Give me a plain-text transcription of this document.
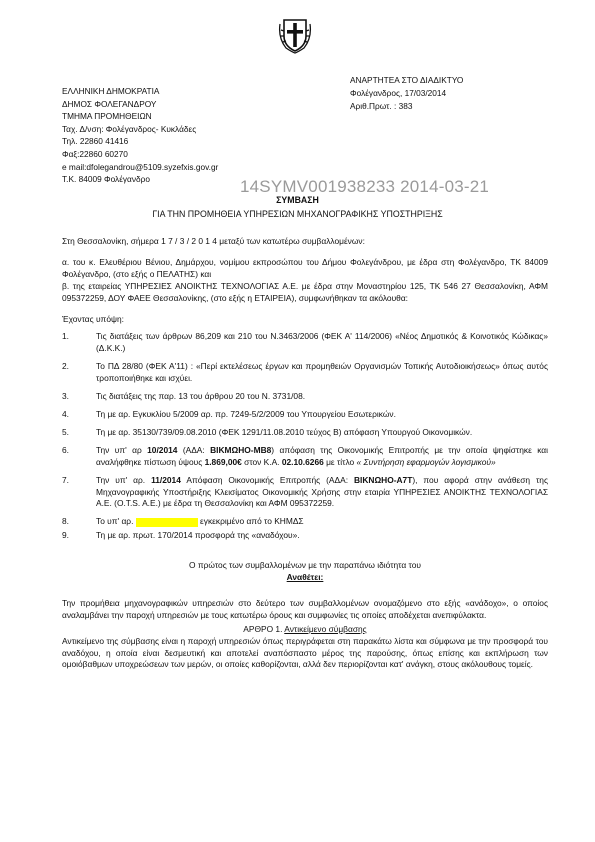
ΕΛΛΗΝΙΚΗ ΔΗΜΟΚΡΑΤΙΑ
ΔΗΜΟΣ ΦΟΛΕΓΑΝΔΡΟΥ
ΤΜΗΜΑ ΠΡΟΜΗΘΕΙΩΝ
Ταχ. Δ/νση: Φολέγανδρος- Κυκλάδες
Τηλ. 22860 41416
Φαξ:22860 60270
e mail:dfolegandrou@5109.syzefxis.gov.gr
Τ.Κ. 84009 Φολέγανδρο
ΑΝΑΡΤΗΤΕΑ ΣΤΟ ΔΙΑΔΙΚΤΥΟ
Φολέγανδρος, 17/03/2014
Αριθ.Πρωτ. : 383
14SYMV001938233 2014-03-21
ΣΥΜΒΑΣΗ
ΓΙΑ ΤΗΝ ΠΡΟΜΗΘΕΙΑ ΥΠΗΡΕΣΙΩΝ ΜΗΧΑΝΟΓΡΑΦΙΚΗΣ ΥΠΟΣΤΗΡΙΞΗΣ

Στη Θεσσαλονίκη, σήμερα 1 7 / 3 / 2 0 1 4 μεταξύ των κατωτέρω συμβαλλομένων:

α. του κ. Ελευθέριου Βένιου, Δημάρχου, νομίμου εκπροσώπου του Δήμου Φολεγάνδρου, με έδρα στη Φολέγανδρο, ΤΚ 84009 Φολέγανδρο, (στο εξής ο ΠΕΛΑΤΗΣ) και

β. της εταιρείας ΥΠΗΡΕΣΙΕΣ ΑΝΟΙΚΤΗΣ ΤΕΧΝΟΛΟΓΙΑΣ Α.Ε. με έδρα στην Μοναστηρίου 125, ΤΚ 546 27 Θεσσαλονίκη, ΑΦΜ 095372259, ΔΟΥ ΦΑΕΕ Θεσσαλονίκης, (στο εξής η ΕΤΑΙΡΕΙΑ), συμφωνήθηκαν τα ακόλουθα:

Έχοντας υπόψη:

1.	Τις διατάξεις των άρθρων 86,209 και 210 του Ν.3463/2006 (ΦΕΚ Α' 114/2006) «Νέος Δημοτικός & Κοινοτικός Κώδικας» (Δ.Κ.Κ.)
2.	Το ΠΔ 28/80 (ΦΕΚ Α'11) : «Περί εκτελέσεως έργων και προμηθειών Οργανισμών Τοπικής Αυτοδιοικήσεως» όπως αυτός τροποποιήθηκε και ισχύει.
3.	Τις διατάξεις της παρ. 13 του άρθρου 20 του Ν. 3731/08.
4.	Τη με αρ. Εγκυκλίου 5/2009 αρ. πρ. 7249-5/2/2009 του Υπουργείου Εσωτερικών.
5.	Τη με αρ. 35130/739/09.08.2010 (ΦΕΚ 1291/11.08.2010 τεύχος Β) απόφαση Υπουργού Οικονομικών.
6.	Την υπ' αρ 10/2014 (ΑΔΑ: ΒΙΚΜΩΗΟ-ΜΒ8) απόφαση της Οικονομικής Επιτροπής με την οποία ψηφίστηκε και αναλήφθηκε πίστωση ύψους 1.869,00€ στον Κ.Α. 02.10.6266 με τίτλο « Συντήρηση εφαρμογών λογισμικού»
7.	Την υπ' αρ. 11/2014 Απόφαση Οικονομικής Επιτροπής (ΑΔΑ: ΒΙΚΝΩΗΟ-Α7Τ), που αφορά στην ανάθεση της Μηχανογραφικής Υποστήριξης Κλεισίματος Οικονομικής Χρήσης στην εταιρία ΥΠΗΡΕΣΙΕΣ ΑΝΟΙΚΤΗΣ ΤΕΧΝΟΛΟΓΙΑΣ Α.Ε. (O.T.S. A.E.) με έδρα τη Θεσσαλονίκη και ΑΦΜ 095372259.
8.	Το υπ' αρ.	εγκεκριμένο από το ΚΗΜΔΣ
9.	Τη με αρ. πρωτ. 170/2014 προσφορά της «αναδόχου».
Ο πρώτος των συμβαλλομένων με την παραπάνω ιδιότητα του
Αναθέτει:

Την προμήθεια μηχανογραφικών υπηρεσιών στο δεύτερο των συμβαλλομένων ονομαζόμενο στο εξής «ανάδοχο», ο οποίος αναλαμβάνει την παροχή υπηρεσιών με τους κατωτέρω όρους και συμφωνίες τις οποίες αποδέχεται ανεπιφύλακτα.

ΑΡΘΡΟ 1. Αντικείμενο σύμβασης

Αντικείμενο της σύμβασης είναι η παροχή υπηρεσιών όπως περιγράφεται στη παρακάτω λίστα και σύμφωνα με την προσφορά του αναδόχου, η οποία είναι δεσμευτική και αποτελεί αναπόσπαστο μέρος της παρούσης, όπως επίσης και εκπλήρωση των ομοιόβαθμων υποχρεώσεων των μερών, οι οποίες καθορίζονται, αλλά δεν περιορίζονται κατ' ανάγκη, στους ακόλουθους τομείς.
